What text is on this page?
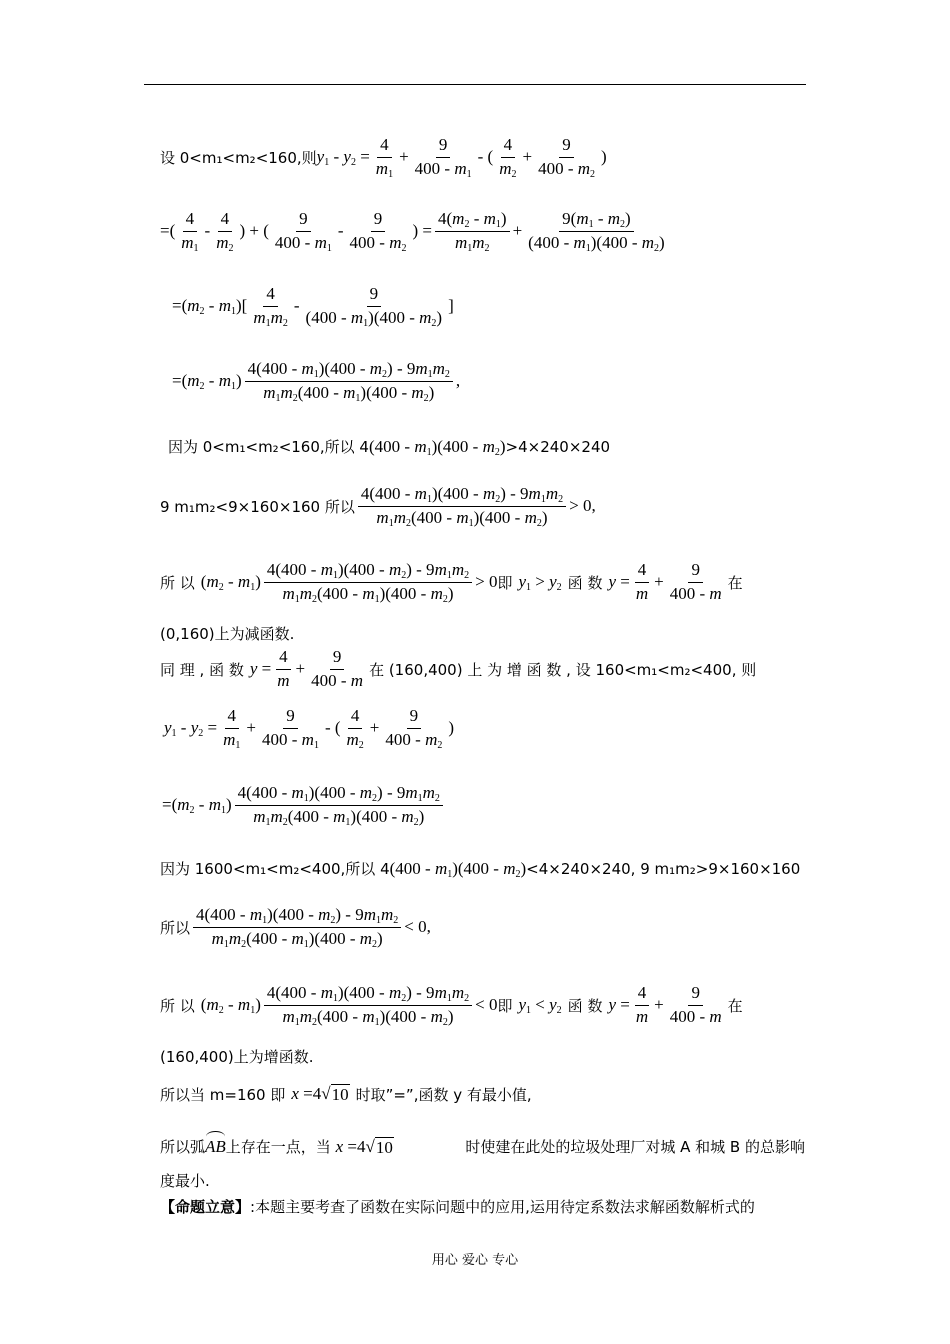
设 0<m₁<m₂<160,则 $y_1 - y_2 = \frac{4}{m_1} + \frac{9}{400 - m_1}$ - ( $\frac{4}{m_2} + \frac{9}{400 - m_2}$ )
=( $\frac{4}{m_1} - \frac{4}{m_2}$ ) + ( $\frac{9}{400 - m_1} - \frac{9}{400 - m_2}$ ) = $\frac{4(m_2 - m_1)}{m_1m_2} + \frac{9(m_1 - m_2)}{(400 - m_1)(400 - m_2)}$
$=(m_2 - m_1)[ \frac{4}{m_1m_2} - \frac{9}{(400 - m_1)(400 - m_2)}$ ]
$=(m_2 - m_1) \frac{4(400 - m_1)(400 - m_2) - 9m_1m_2}{m_1m_2(400 - m_1)(400 - m_2)}$ ,
因为 0<m₁<m₂<160,所以 4 $(400 - m_1)(400 - m_2) >4\times 240\times 240$
9 m₁m₂<9×160×160 所以 $\frac{4(400 - m_1)(400 - m_2) - 9m_1m_2}{m_1m_2(400 - m_1)(400 - m_2)} > 0$ ,
所 以 $(m_2 - m_1) \frac{4(400 - m_1)(400 - m_2) - 9m_1m_2}{m_1m_2(400 - m_1)(400 - m_2)} > 0$ 即 $y_1 > y_2$ 函 数 $y = \frac{4}{m} + \frac{9}{400 - m}$ 在
(0,160)上为减函数.
同 理 , 函 数 $y = \frac{4}{m} + \frac{9}{400 - m}$ 在 (160,400) 上 为 增 函 数 , 设 160<m₁<m₂<400, 则
$y_1 - y_2 = \frac{4}{m_1} + \frac{9}{400 - m_1}$ - ( $\frac{4}{m_2} + \frac{9}{400 - m_2}$ )
$=(m_2 - m_1) \frac{4(400 - m_1)(400 - m_2) - 9m_1m_2}{m_1m_2(400 - m_1)(400 - m_2)}$
因为 1600<m₁<m₂<400,所以 4 $(400 - m_1)(400 - m_2) <4\times 240\times 240$, 9 m₁m₂>9×160×160
所以 $\frac{4(400 - m_1)(400 - m_2) - 9m_1m_2}{m_1m_2(400 - m_1)(400 - m_2)} < 0$ ,
所 以 $(m_2 - m_1) \frac{4(400 - m_1)(400 - m_2) - 9m_1m_2}{m_1m_2(400 - m_1)(400 - m_2)} < 0$ 即 $y_1 < y_2$ 函 数 $y = \frac{4}{m} + \frac{9}{400 - m}$ 在
(160,400)上为增函数.
所以当 m=160 即 x =4 √ 10 时取”=”,函数 y 有最小值,
所以弧AB上存在一点，当 x =4 √ 10	时使建在此处的垃圾处理厂对城 A 和城 B 的总影响
度最小.
【命题立意】 :本题主要考查了函数在实际问题中的应用,运用待定系数法求解函数解析式的
用心 爱心 专心
